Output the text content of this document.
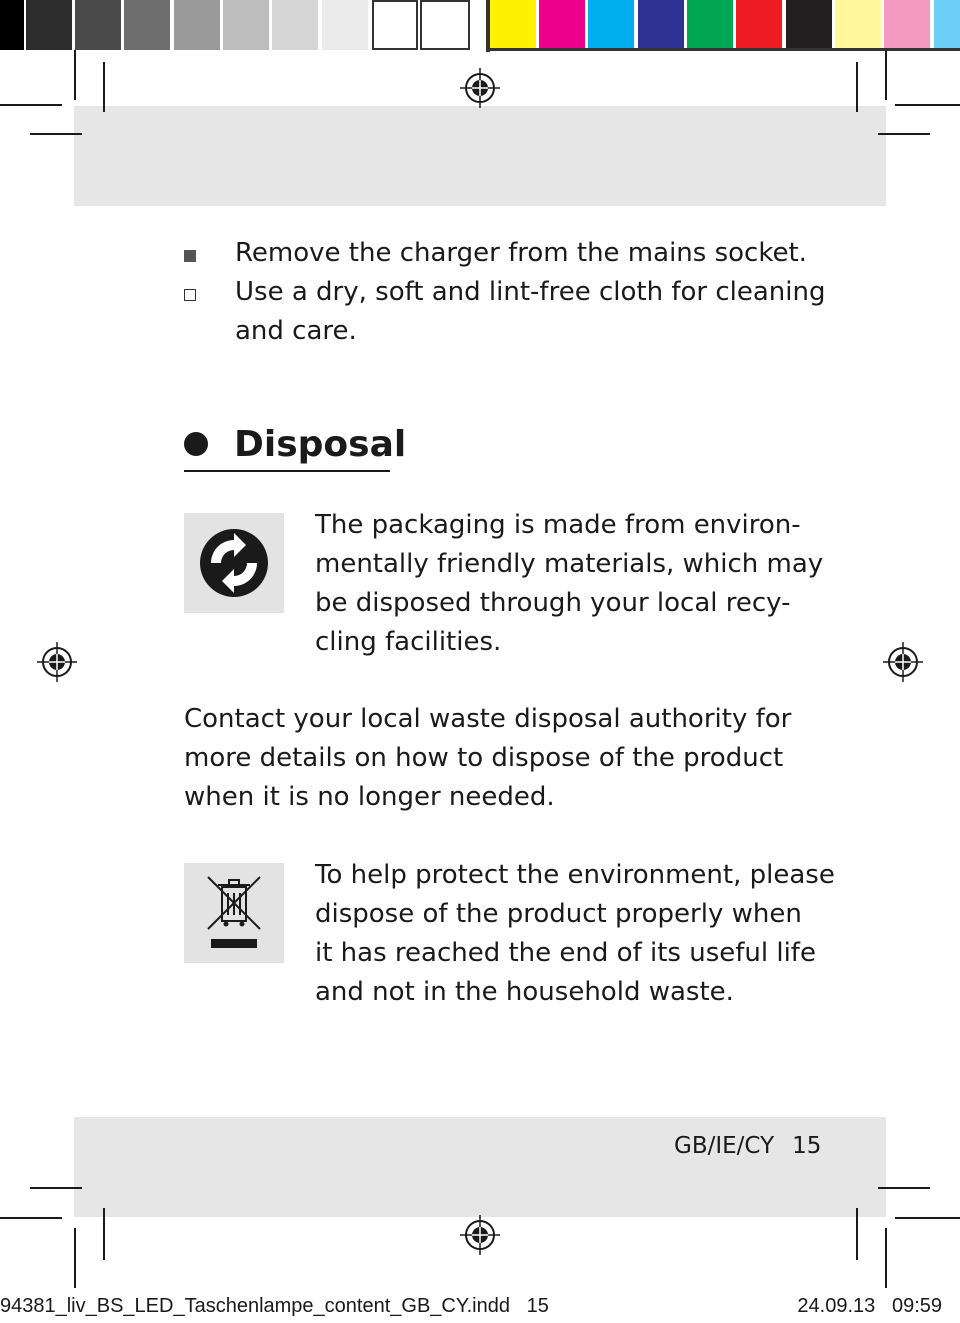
Remove the charger from the mains socket.
Use a dry, soft and lint-free cloth for cleaning
and care.
Disposal
The packaging is made from environ-
mentally friendly materials, which may
be disposed through your local recy-
cling facilities.
Contact your local waste disposal authority for
more details on how to dispose of the product
when it is no longer needed.
To help protect the environment, please
dispose of the product properly when
it has reached the end of its useful life
and not in the household waste.
GB/IE/CY 15
94381_liv_BS_LED_Taschenlampe_content_GB_CY.indd   15	24.09.13   09:59
